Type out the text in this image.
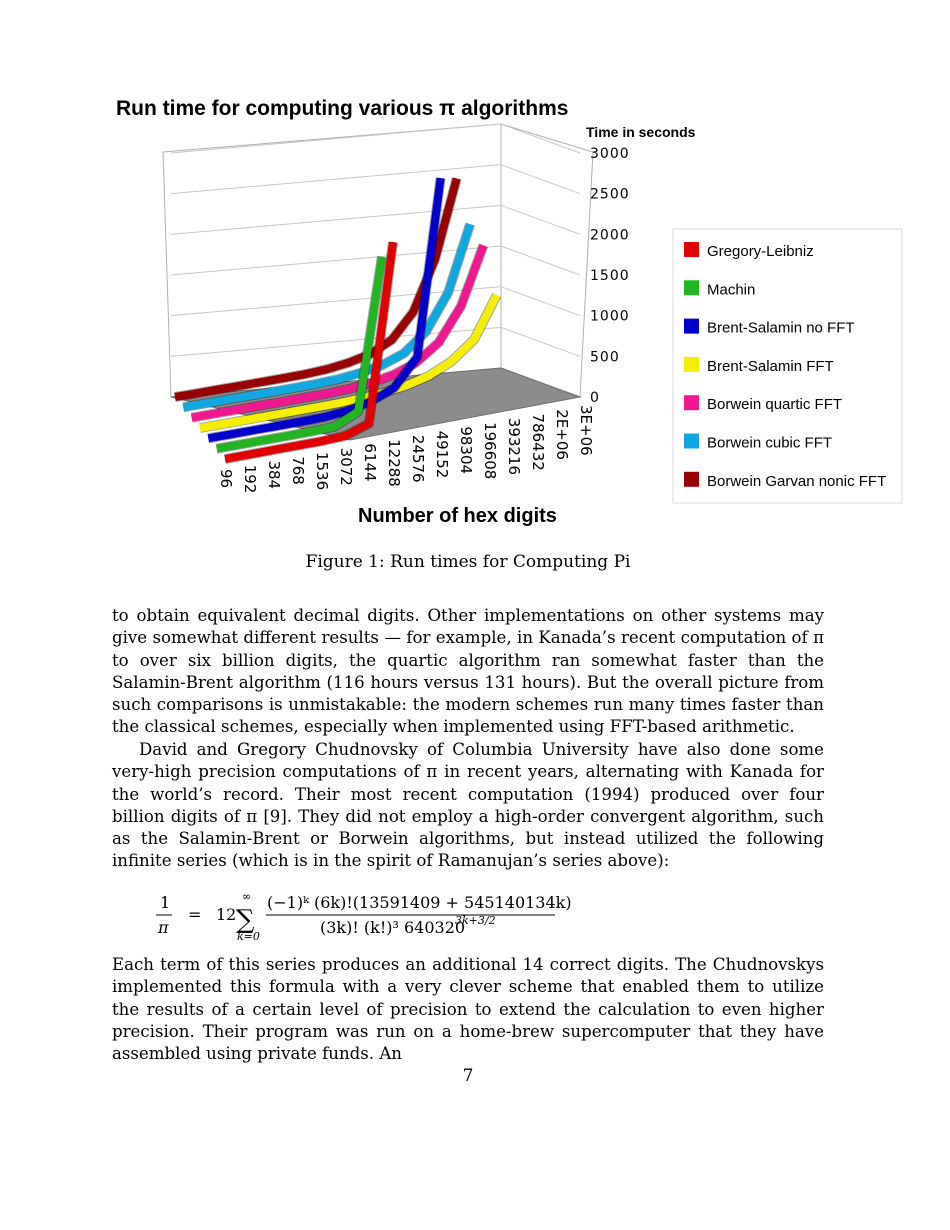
Run time for computing various π algorithms
Time in seconds
0
500
1000
1500
2000
2500
3000
96 192 384 768 1536 3072 6144 12288 24576 49152 98304 196608 393216 786432 2E+06 3E+06
Number of hex digits
Gregory-Leibniz
Machin
Brent-Salamin no FFT
Brent-Salamin FFT
Borwein quartic FFT
Borwein cubic FFT
Borwein Garvan nonic FFT
Figure 1: Run times for Computing Pi

to obtain equivalent decimal digits. Other implementations on other systems may give somewhat different results — for example, in Kanada’s recent computation of π to over six billion digits, the quartic algorithm ran somewhat faster than the Salamin-Brent algorithm (116 hours versus 131 hours). But the overall picture from such comparisons is unmistakable: the modern schemes run many times faster than the classical schemes, especially when implemented using FFT-based arithmetic.

David and Gregory Chudnovsky of Columbia University have also done some very-high precision computations of π in recent years, alternating with Kanada for the world’s record. Their most recent computation (1994) produced over four billion digits of π [9]. They did not employ a high-order convergent algorithm, such as the Salamin-Brent or Borwein algorithms, but instead utilized the following infinite series (which is in the spirit of Ramanujan’s series above):

1
π
= 12
∞
∑
k=0
(−1)ᵏ (6k)!(13591409 + 545140134k)
(3k)! (k!)³ 640320
3k+3/2

Each term of this series produces an additional 14 correct digits. The Chudnovskys implemented this formula with a very clever scheme that enabled them to utilize the results of a certain level of precision to extend the calculation to even higher precision. Their program was run on a home-brew supercomputer that they have assembled using private funds. An

7
